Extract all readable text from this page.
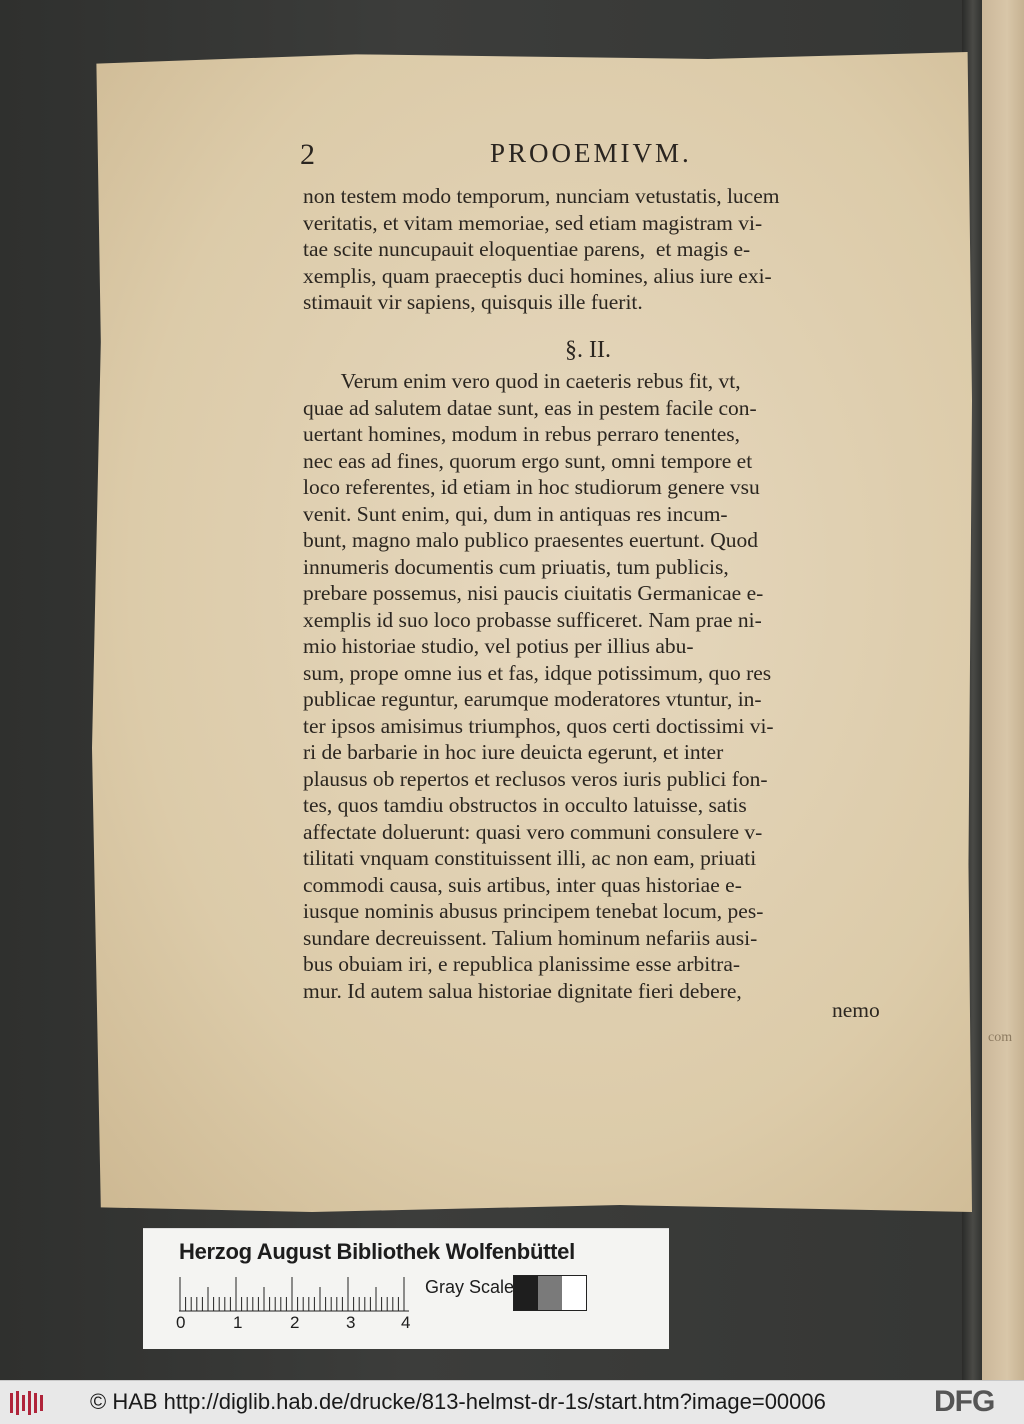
com
2	PROOEMIVM.

non testem modo temporum, nunciam vetustatis, lucem
veritatis, et vitam memoriae, sed etiam magistram vi-
tae scite nuncupauit eloquentiae parens,  et magis e-
xemplis, quam praeceptis duci homines, alius iure exi-
stimauit vir sapiens, quisquis ille fuerit.

§. II.

Verum enim vero quod in caeteris rebus fit, vt,
quae ad salutem datae sunt, eas in pestem facile con-
uertant homines, modum in rebus perraro tenentes,
nec eas ad fines, quorum ergo sunt, omni tempore et
loco referentes, id etiam in hoc studiorum genere vsu
venit. Sunt enim, qui, dum in antiquas res incum-
bunt, magno malo publico praesentes euertunt. Quod
innumeris documentis cum priuatis, tum publicis,
prebare possemus, nisi paucis ciuitatis Germanicae e-
xemplis id suo loco probasse sufficeret. Nam prae ni-
mio historiae studio, vel potius per illius abu-
sum, prope omne ius et fas, idque potissimum, quo res
publicae reguntur, earumque moderatores vtuntur, in-
ter ipsos amisimus triumphos, quos certi doctissimi vi-
ri de barbarie in hoc iure deuicta egerunt, et inter
plausus ob repertos et reclusos veros iuris publici fon-
tes, quos tamdiu obstructos in occulto latuisse, satis
affectate doluerunt: quasi vero communi consulere v-
tilitati vnquam constituissent illi, ac non eam, priuati
commodi causa, suis artibus, inter quas historiae e-
iusque nominis abusus principem tenebat locum, pes-
sundare decreuissent. Talium hominum nefariis ausi-
bus obuiam iri, e republica planissime esse arbitra-
mur. Id autem salua historiae dignitate fieri debere,

nemo
Herzog August Bibliothek Wolfenbüttel
0	1	2	3	4
Gray Scale
© HAB http://diglib.hab.de/drucke/813-helmst-dr-1s/start.htm?image=00006	DFG
